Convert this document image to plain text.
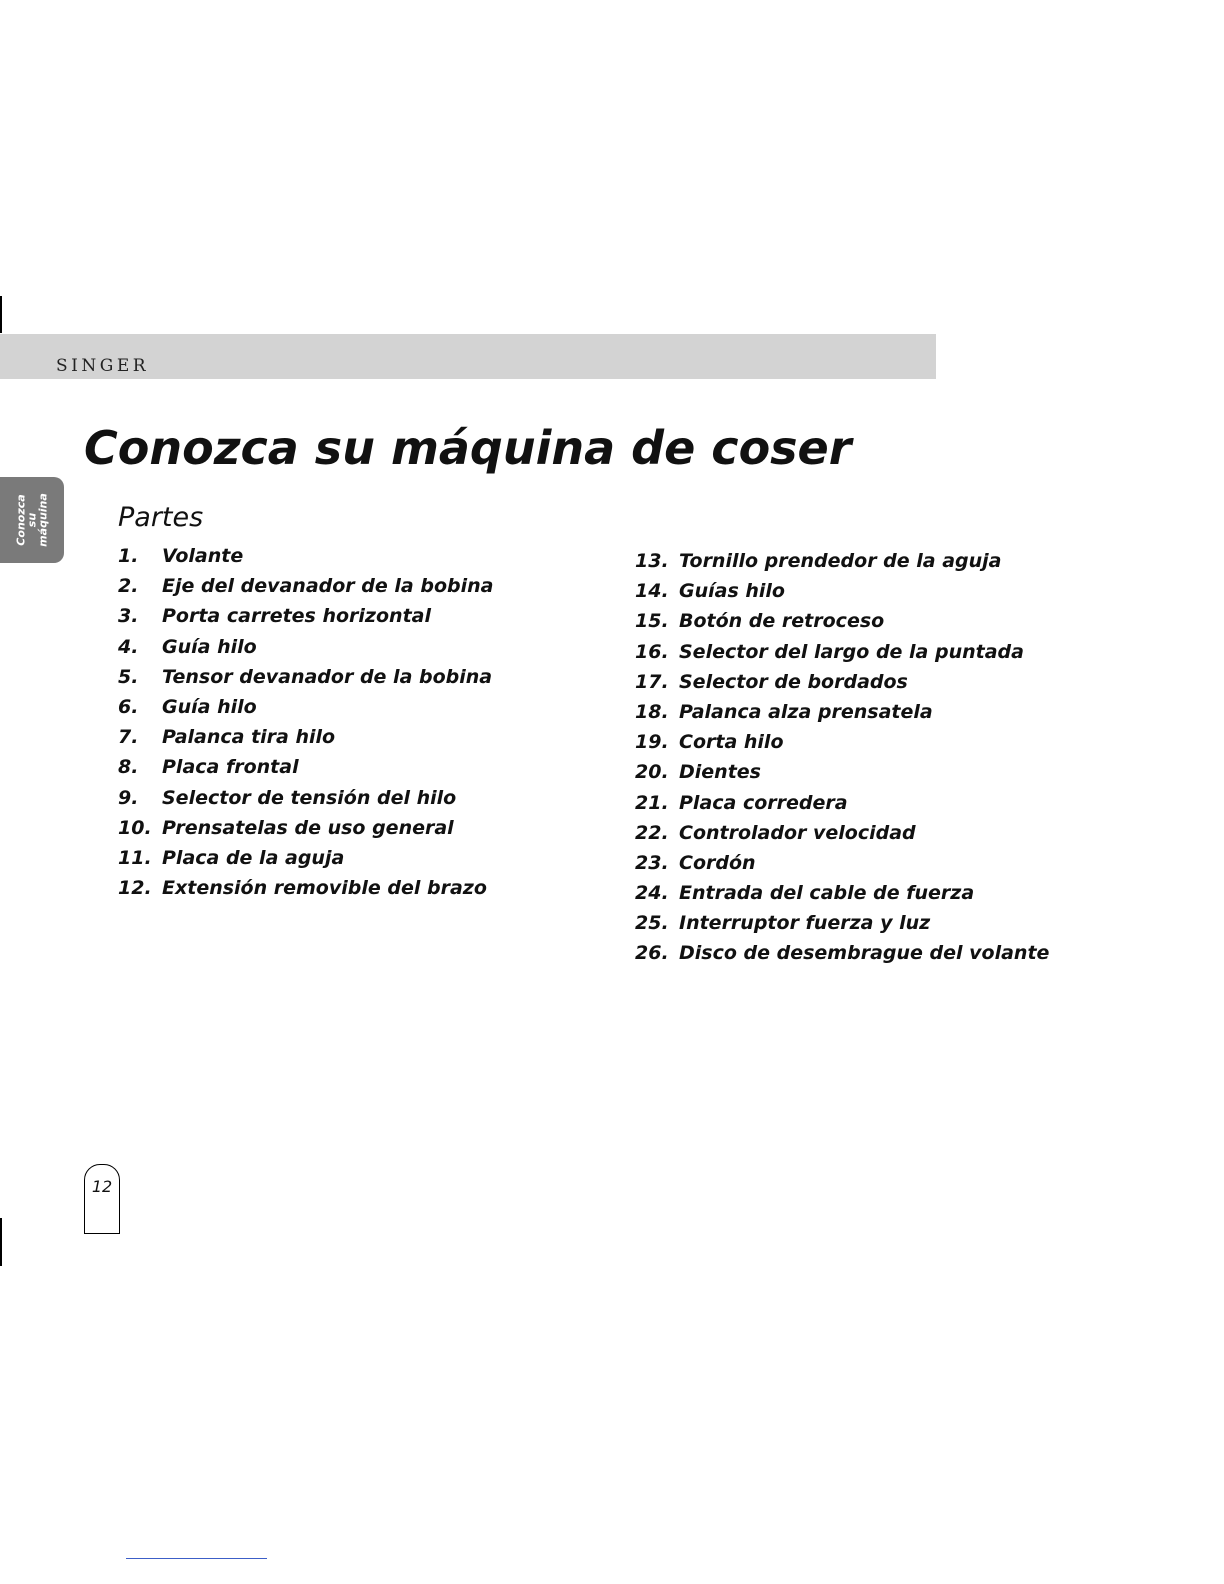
SINGER
Conozca
su
máquina
Conozca su máquina de coser
Partes
1. Volante
2. Eje del devanador de la bobina
3. Porta carretes horizontal
4. Guía hilo
5. Tensor devanador de la bobina
6. Guía hilo
7. Palanca tira hilo
8. Placa frontal
9. Selector de tensión del hilo
10. Prensatelas de uso general
11. Placa de la aguja
12. Extensión removible del brazo
13. Tornillo prendedor de la aguja
14. Guías hilo
15. Botón de retroceso
16. Selector del largo de la puntada
17. Selector de bordados
18. Palanca alza prensatela
19. Corta hilo
20. Dientes
21. Placa corredera
22. Controlador velocidad
23. Cordón
24. Entrada del cable de fuerza
25. Interruptor fuerza y luz
26. Disco de desembrague del volante
12
